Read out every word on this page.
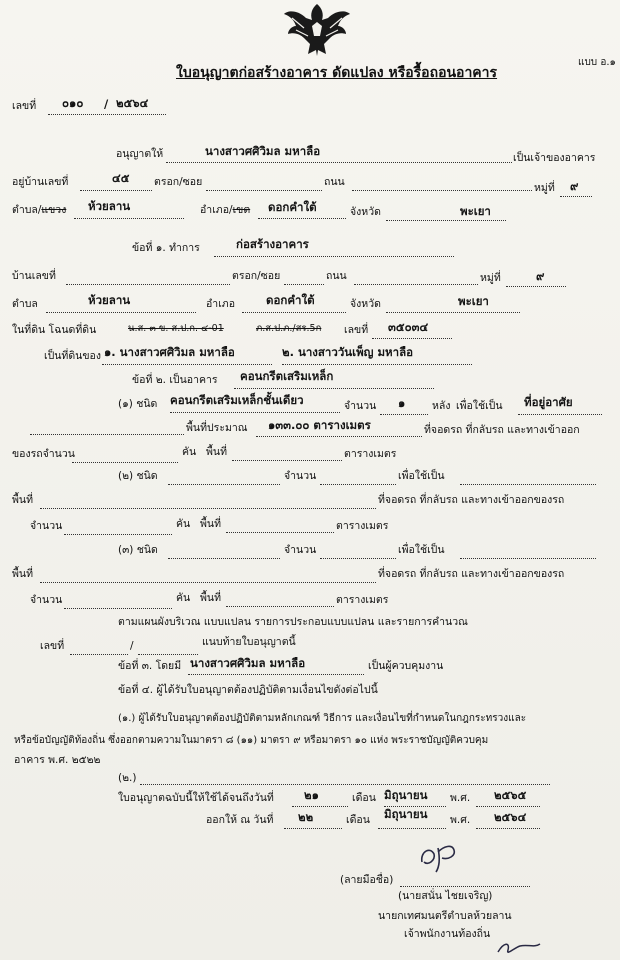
แบบ อ.๑
ใบอนุญาตก่อสร้างอาคาร ดัดแปลง หรือรื้อถอนอาคาร
เลขที่ ๐๑๐ / ๒๕๖๔
อนุญาตให้	นางสาวศศิวิมล มหาลือ	เป็นเจ้าของอาคาร
อยู่บ้านเลขที่	๔๕ ตรอก/ซอย	ถนน	หมู่ที่ ๙
ตำบล/แขวง ห้วยลาน	อำเภอ/เขต ดอกคำใต้	จังหวัด	พะเยา
ข้อที่ ๑. ทำการ	ก่อสร้างอาคาร
บ้านเลขที่	ตรอก/ซอย	ถนน	หมู่ที่	๙
ตำบล	ห้วยลาน	อำเภอ	ดอกคำใต้	จังหวัด	พะเยา
ในที่ดิน โฉนดที่ดิน	น.ส. ๓ ข. ส.ป.ก. ๔-01	ภ.ส.ป.ภ./สร.5ก เลขที่ ๓๕๐๓๔
เป็นที่ดินของ ๑. นางสาวศศิวิมล มหาลือ	๒. นางสาววันเพ็ญ มหาลือ
ข้อที่ ๒. เป็นอาคาร คอนกรีตเสริมเหล็ก
(๑) ชนิด คอนกรีตเสริมเหล็กชั้นเดียว	จำนวน ๑	หลัง เพื่อใช้เป็น ที่อยู่อาศัย
พื้นที่ประมาณ ๑๓๓.๐๐ ตารางเมตร	ที่จอดรถ ที่กลับรถ และทางเข้าออก
ของรถจำนวน	คัน พื้นที่	ตารางเมตร
(๒) ชนิด	จำนวน	เพื่อใช้เป็น
พื้นที่	ที่จอดรถ ที่กลับรถ และทางเข้าออกของรถ
จำนวน	คัน พื้นที่	ตารางเมตร
(๓) ชนิด	จำนวน	เพื่อใช้เป็น
พื้นที่	ที่จอดรถ ที่กลับรถ และทางเข้าออกของรถ
จำนวน	คัน พื้นที่	ตารางเมตร
ตามแผนผังบริเวณ แบบแปลน รายการประกอบแบบแปลน และรายการคำนวณ
เลขที่	/	แนบท้ายใบอนุญาตนี้
ข้อที่ ๓. โดยมี นางสาวศศิวิมล มหาลือ	เป็นผู้ควบคุมงาน
ข้อที่ ๔. ผู้ได้รับใบอนุญาตต้องปฏิบัติตามเงื่อนไขดังต่อไปนี้
(๑.) ผู้ได้รับใบอนุญาตต้องปฏิบัติตามหลักเกณฑ์ วิธีการ และเงื่อนไขที่กำหนดในกฎกระทรวงและ
หรือข้อบัญญัติท้องถิ่น ซึ่งออกตามความในมาตรา ๘ (๑๑) มาตรา ๙ หรือมาตรา ๑๐ แห่ง พระราชบัญญัติควบคุม
อาคาร พ.ศ. ๒๕๒๒
(๒.)
ใบอนุญาตฉบับนี้ให้ใช้ได้จนถึงวันที่	๒๑	เดือน มิถุนายน พ.ศ. ๒๕๖๕
ออกให้ ณ วันที่ ๒๒	เดือน มิถุนายน พ.ศ. ๒๕๖๔
(ลายมือชื่อ)
(นายสนั่น ไชยเจริญ)
นายกเทศมนตรีตำบลห้วยลาน
เจ้าพนักงานท้องถิ่น
